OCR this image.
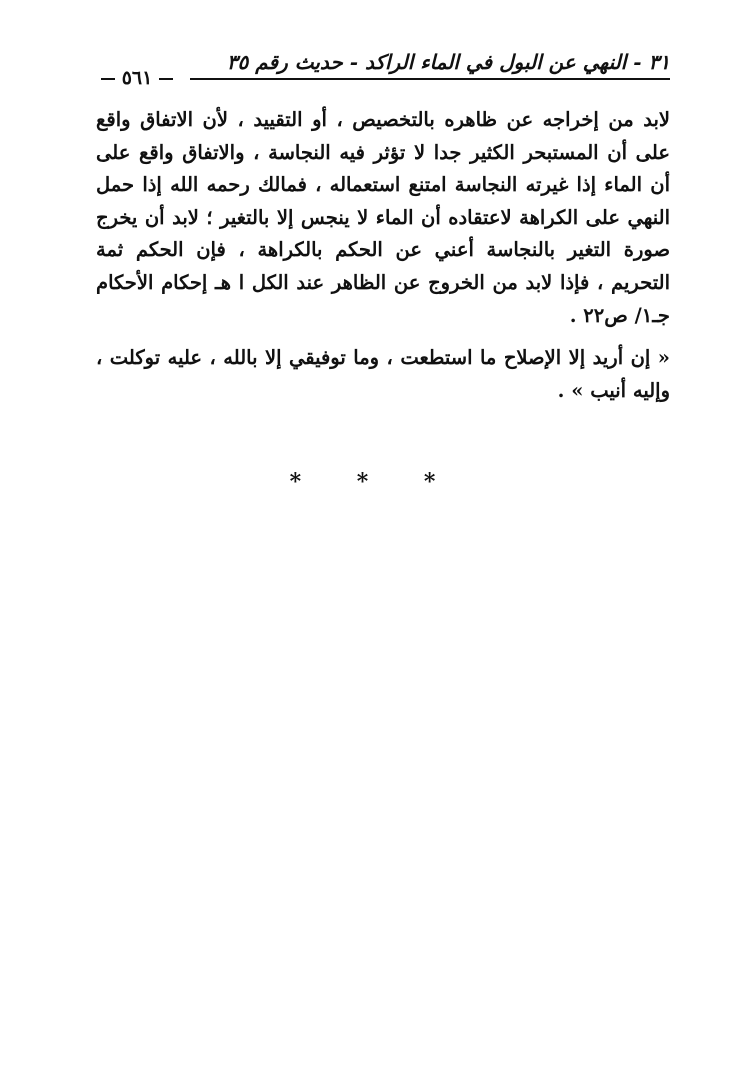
٣١ - النهي عن البول في الماء الراكد - حديث رقم ٣٥
٥٦١

لابد من إخراجه عن ظاهره بالتخصيص ، أو التقييد ، لأن الاتفاق واقع على أن المستبحر الكثير جدا لا تؤثر فيه النجاسة ، والاتفاق واقع على أن الماء إذا غيرته النجاسة امتنع استعماله ، فمالك رحمه الله إذا حمل النهي على الكراهة لاعتقاده أن الماء لا ينجس إلا بالتغير ؛ لابد أن يخرج صورة التغير بالنجاسة أعني عن الحكم بالكراهة ، فإن الحكم ثمة التحريم ، فإذا لابد من الخروج عن الظاهر عند الكل ا هـ إحكام الأحكام جـ١/ ص٢٢ .

« إن أريد إلا الإصلاح ما استطعت ، وما توفيقي إلا بالله ، عليه توكلت ، وإليه أنيب » .

* * *
